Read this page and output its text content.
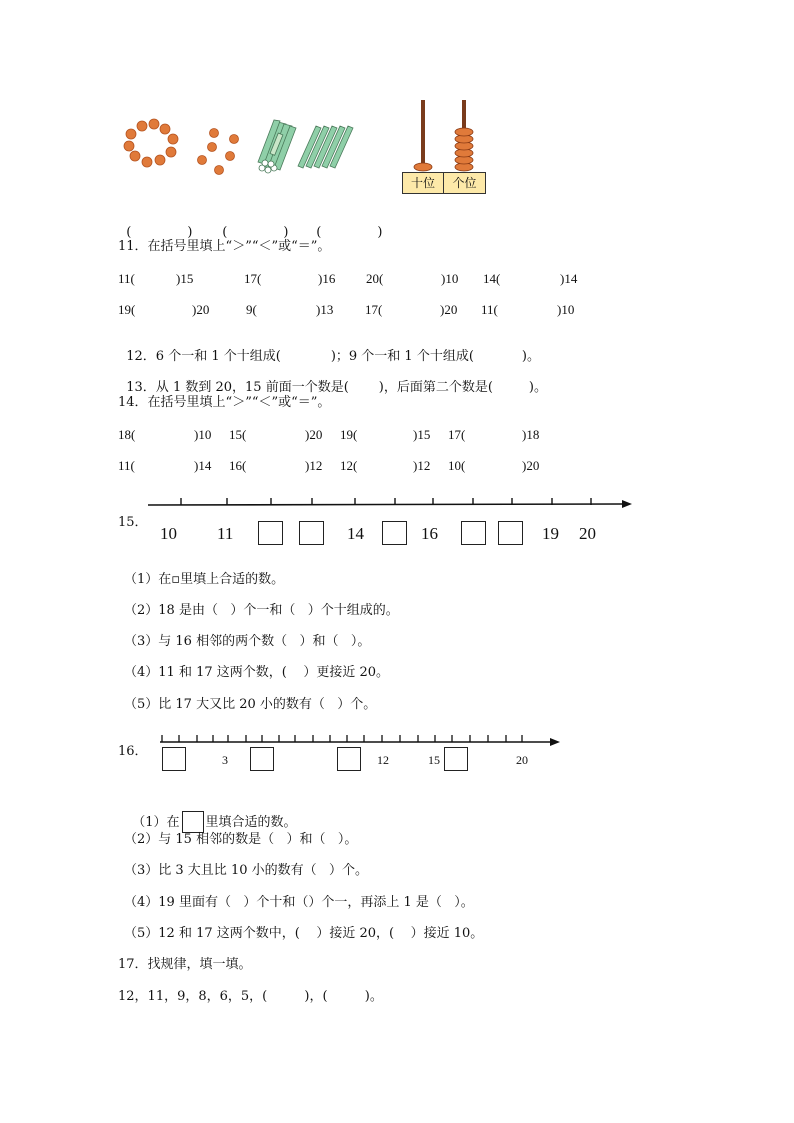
十位	个位

(	)	(	)	(	)

11．在括号里填上“＞”“＜”或“＝”。
11(	)15	17(	)16 20(	)10 14(	)14
19(	)20	9(	)13 17(	)20 11(	)10

12．6 个一和 1 个十组成(	)；9 个一和 1 个十组成(	)。

13．从 1 数到 20，15 前面一个数是( )，后面第二个数是(	)。

14．在括号里填上“＞”“＜”或“＝”。
18(	)10 15(	)20 19(	)15 17(	)18
11(	)14 16(	)12 12(	)12 10(	)20
15．
10 11	14	16	19 20
（1）在▫里填上合适的数。
（2）18 是由（   ）个一和（   ）个十组成的。
（3）与 16 相邻的两个数（   ）和（   ）。
（4）11 和 17 这两个数，(    ）更接近 20。
（5）比 17 大又比 20 小的数有（   ）个。
16．
3	12	15	20

（1）在 里填合适的数。

（2）与 15 相邻的数是（   ）和（   ）。
（3）比 3 大且比 10 小的数有（   ）个。
（4）19 里面有（   ）个十和（）个一，再添上 1 是（   ）。
（5）12 和 17 这两个数中，(    ）接近 20，(    ）接近 10。
17．找规律，填一填。
12，11，9，8，6，5，(         )，(         )。
